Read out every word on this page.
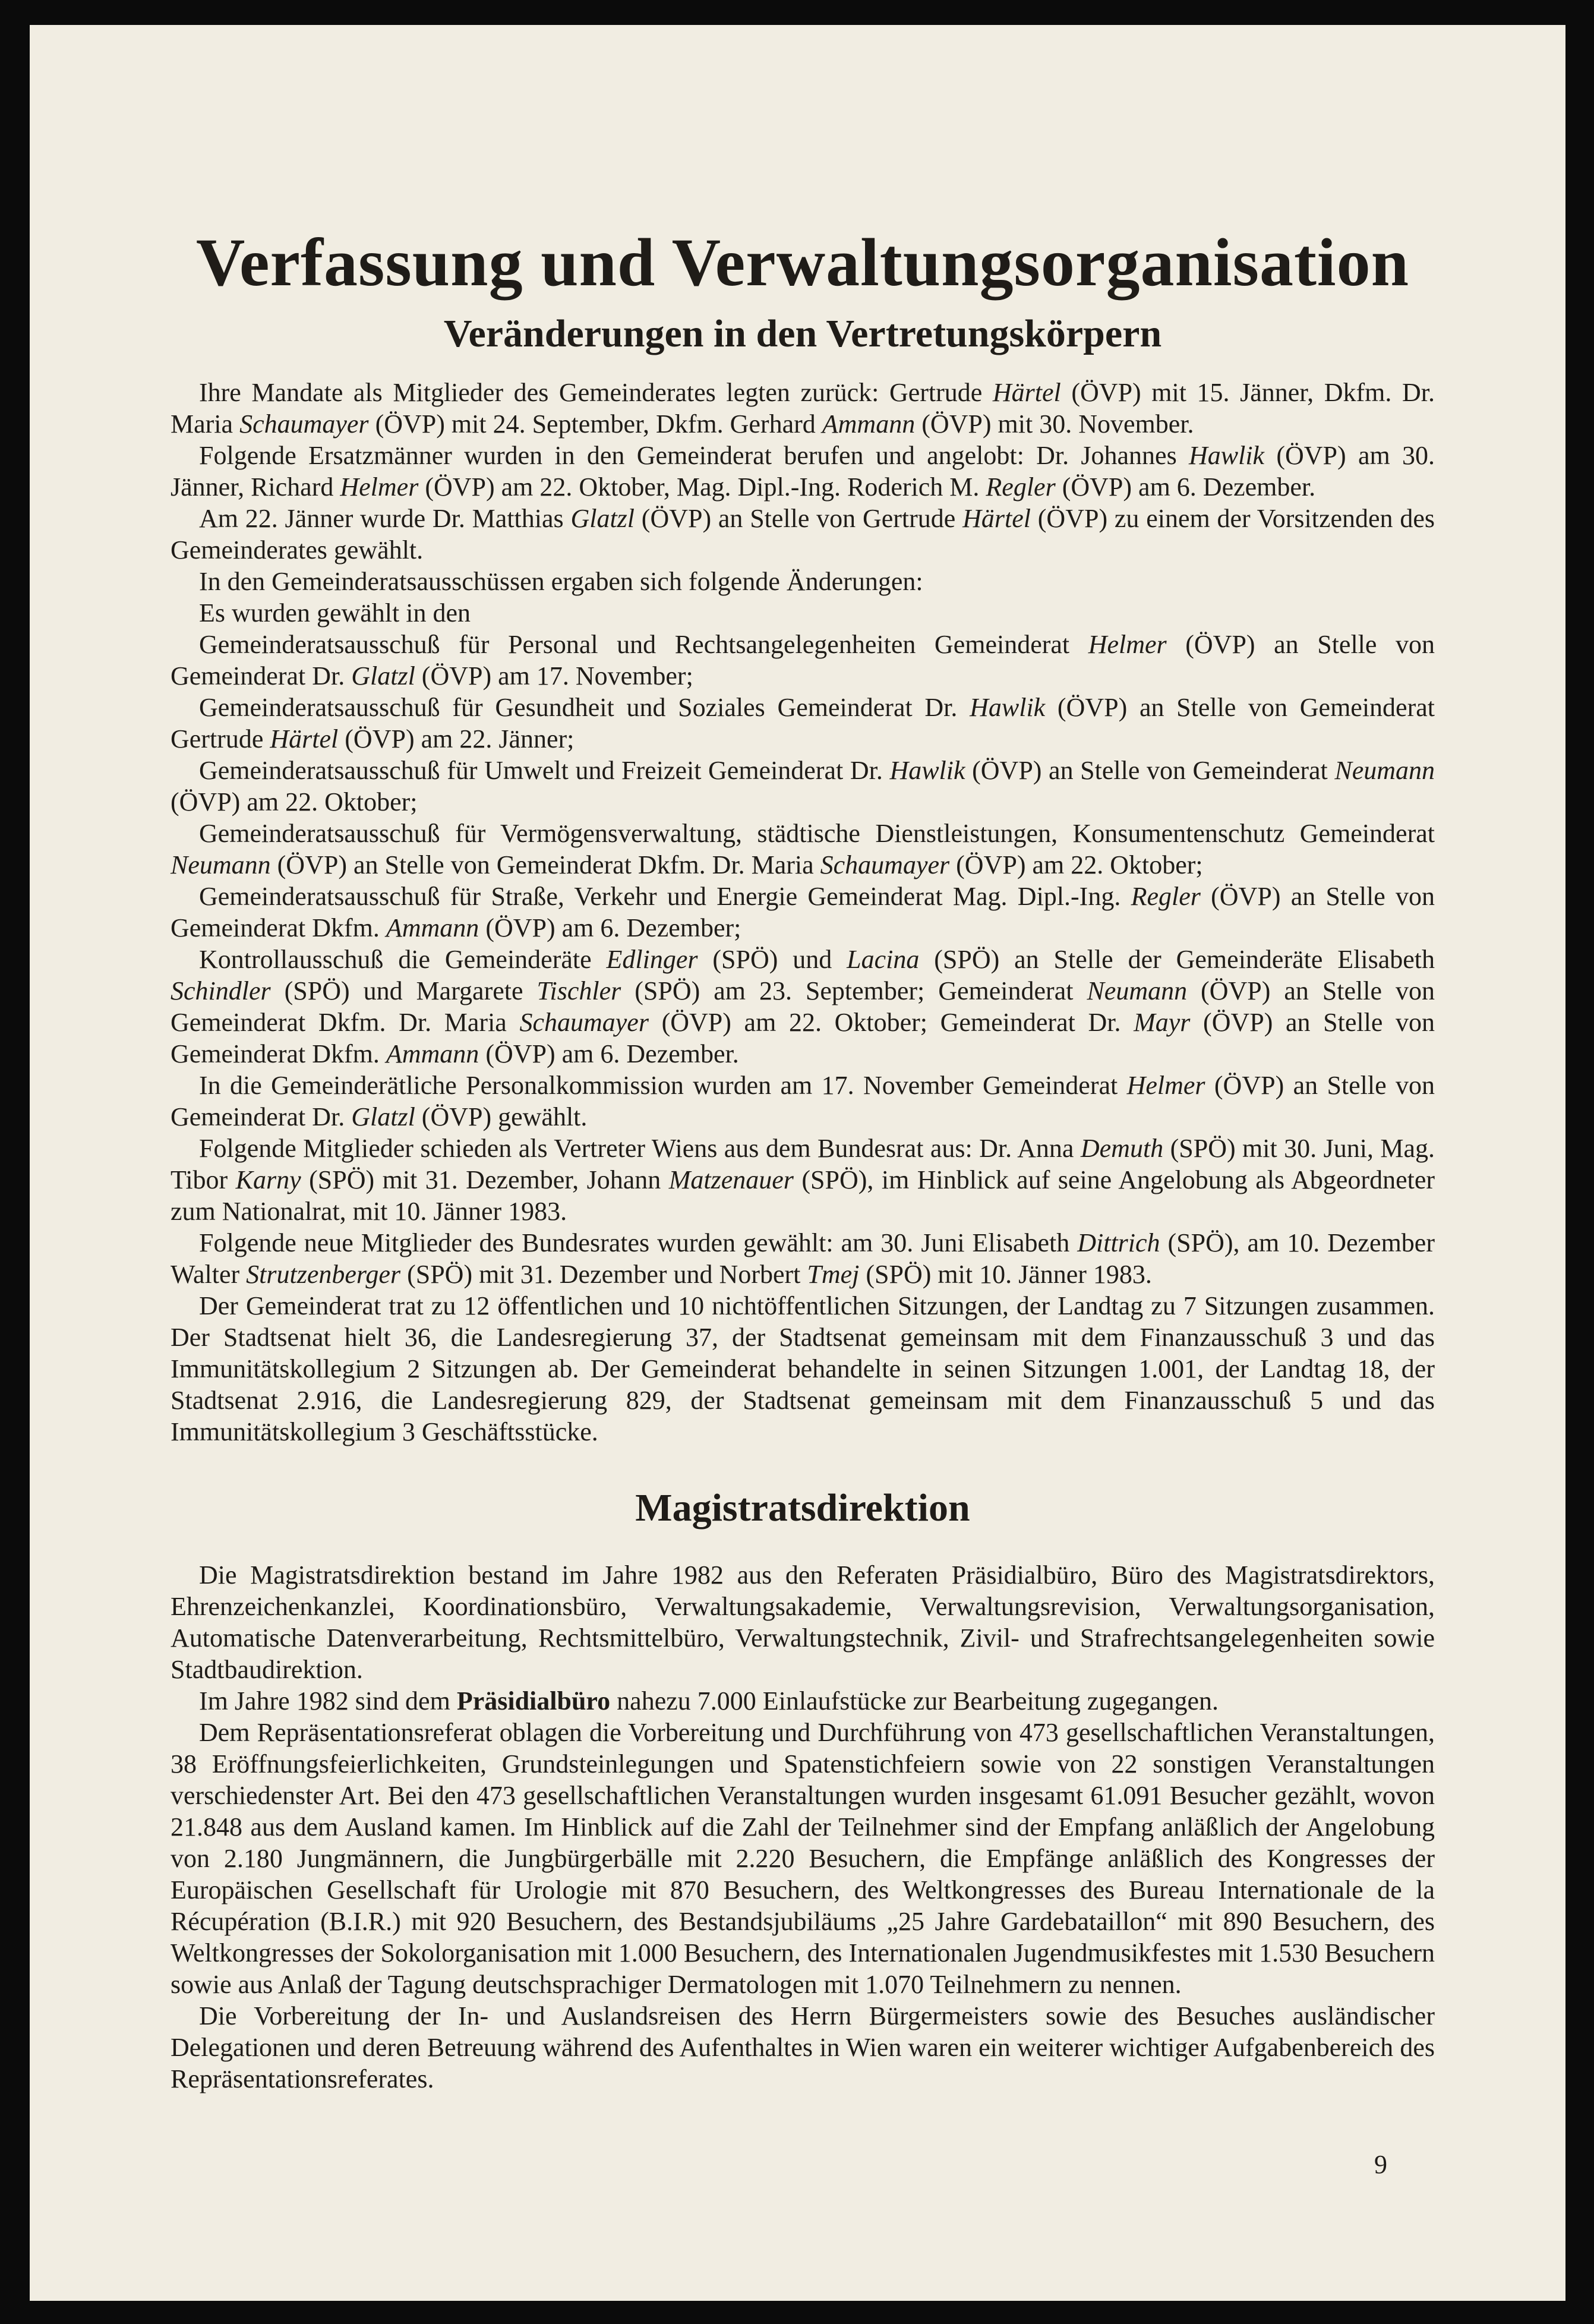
Verfassung und Verwaltungsorganisation
Veränderungen in den Vertretungskörpern

Ihre Mandate als Mitglieder des Gemeinderates legten zurück: Gertrude Härtel (ÖVP) mit 15. Jänner, Dkfm. Dr. Maria Schaumayer (ÖVP) mit 24. September, Dkfm. Gerhard Ammann (ÖVP) mit 30. November.

Folgende Ersatzmänner wurden in den Gemeinderat berufen und angelobt: Dr. Johannes Hawlik (ÖVP) am 30. Jänner, Richard Helmer (ÖVP) am 22. Oktober, Mag. Dipl.-Ing. Roderich M. Regler (ÖVP) am 6. Dezember.

Am 22. Jänner wurde Dr. Matthias Glatzl (ÖVP) an Stelle von Gertrude Härtel (ÖVP) zu einem der Vorsitzenden des Gemeinderates gewählt.

In den Gemeinderatsausschüssen ergaben sich folgende Änderungen:

Es wurden gewählt in den

Gemeinderatsausschuß für Personal und Rechtsangelegenheiten Gemeinderat Helmer (ÖVP) an Stelle von Gemeinderat Dr. Glatzl (ÖVP) am 17. November;

Gemeinderatsausschuß für Gesundheit und Soziales Gemeinderat Dr. Hawlik (ÖVP) an Stelle von Gemeinderat Gertrude Härtel (ÖVP) am 22. Jänner;

Gemeinderatsausschuß für Umwelt und Freizeit Gemeinderat Dr. Hawlik (ÖVP) an Stelle von Gemeinderat Neumann (ÖVP) am 22. Oktober;

Gemeinderatsausschuß für Vermögensverwaltung, städtische Dienstleistungen, Konsumentenschutz Gemeinderat Neumann (ÖVP) an Stelle von Gemeinderat Dkfm. Dr. Maria Schaumayer (ÖVP) am 22. Oktober;

Gemeinderatsausschuß für Straße, Verkehr und Energie Gemeinderat Mag. Dipl.-Ing. Regler (ÖVP) an Stelle von Gemeinderat Dkfm. Ammann (ÖVP) am 6. Dezember;

Kontrollausschuß die Gemeinderäte Edlinger (SPÖ) und Lacina (SPÖ) an Stelle der Gemeinderäte Elisabeth Schindler (SPÖ) und Margarete Tischler (SPÖ) am 23. September; Gemeinderat Neumann (ÖVP) an Stelle von Gemeinderat Dkfm. Dr. Maria Schaumayer (ÖVP) am 22. Oktober; Gemeinderat Dr. Mayr (ÖVP) an Stelle von Gemeinderat Dkfm. Ammann (ÖVP) am 6. Dezember.

In die Gemeinderätliche Personalkommission wurden am 17. November Gemeinderat Helmer (ÖVP) an Stelle von Gemeinderat Dr. Glatzl (ÖVP) gewählt.

Folgende Mitglieder schieden als Vertreter Wiens aus dem Bundesrat aus: Dr. Anna Demuth (SPÖ) mit 30. Juni, Mag. Tibor Karny (SPÖ) mit 31. Dezember, Johann Matzenauer (SPÖ), im Hinblick auf seine Angelobung als Abgeordneter zum Nationalrat, mit 10. Jänner 1983.

Folgende neue Mitglieder des Bundesrates wurden gewählt: am 30. Juni Elisabeth Dittrich (SPÖ), am 10. Dezember Walter Strutzenberger (SPÖ) mit 31. Dezember und Norbert Tmej (SPÖ) mit 10. Jänner 1983.

Der Gemeinderat trat zu 12 öffentlichen und 10 nichtöffentlichen Sitzungen, der Landtag zu 7 Sitzungen zusammen. Der Stadtsenat hielt 36, die Landesregierung 37, der Stadtsenat gemeinsam mit dem Finanzausschuß 3 und das Immunitätskollegium 2 Sitzungen ab. Der Gemeinderat behandelte in seinen Sitzungen 1.001, der Landtag 18, der Stadtsenat 2.916, die Landesregierung 829, der Stadtsenat gemeinsam mit dem Finanzausschuß 5 und das Immunitätskollegium 3 Geschäftsstücke.

Magistratsdirektion

Die Magistratsdirektion bestand im Jahre 1982 aus den Referaten Präsidialbüro, Büro des Magistratsdirektors, Ehrenzeichenkanzlei, Koordinationsbüro, Verwaltungsakademie, Verwaltungsrevision, Verwaltungsorganisation, Automatische Datenverarbeitung, Rechtsmittelbüro, Verwaltungstechnik, Zivil- und Strafrechtsangelegenheiten sowie Stadtbaudirektion.

Im Jahre 1982 sind dem Präsidialbüro nahezu 7.000 Einlaufstücke zur Bearbeitung zugegangen.

Dem Repräsentationsreferat oblagen die Vorbereitung und Durchführung von 473 gesellschaftlichen Veranstaltungen, 38 Eröffnungsfeierlichkeiten, Grundsteinlegungen und Spatenstichfeiern sowie von 22 sonstigen Veranstaltungen verschiedenster Art. Bei den 473 gesellschaftlichen Veranstaltungen wurden insgesamt 61.091 Besucher gezählt, wovon 21.848 aus dem Ausland kamen. Im Hinblick auf die Zahl der Teilnehmer sind der Empfang anläßlich der Angelobung von 2.180 Jungmännern, die Jungbürgerbälle mit 2.220 Besuchern, die Empfänge anläßlich des Kongresses der Europäischen Gesellschaft für Urologie mit 870 Besuchern, des Weltkongresses des Bureau Internationale de la Récupération (B.I.R.) mit 920 Besuchern, des Bestandsjubiläums „25 Jahre Gardebataillon“ mit 890 Besuchern, des Weltkongresses der Sokolorganisation mit 1.000 Besuchern, des Internationalen Jugendmusikfestes mit 1.530 Besuchern sowie aus Anlaß der Tagung deutschsprachiger Dermatologen mit 1.070 Teilnehmern zu nennen.

Die Vorbereitung der In- und Auslandsreisen des Herrn Bürgermeisters sowie des Besuches ausländischer Delegationen und deren Betreuung während des Aufenthaltes in Wien waren ein weiterer wichtiger Aufgabenbereich des Repräsentationsreferates.

9
